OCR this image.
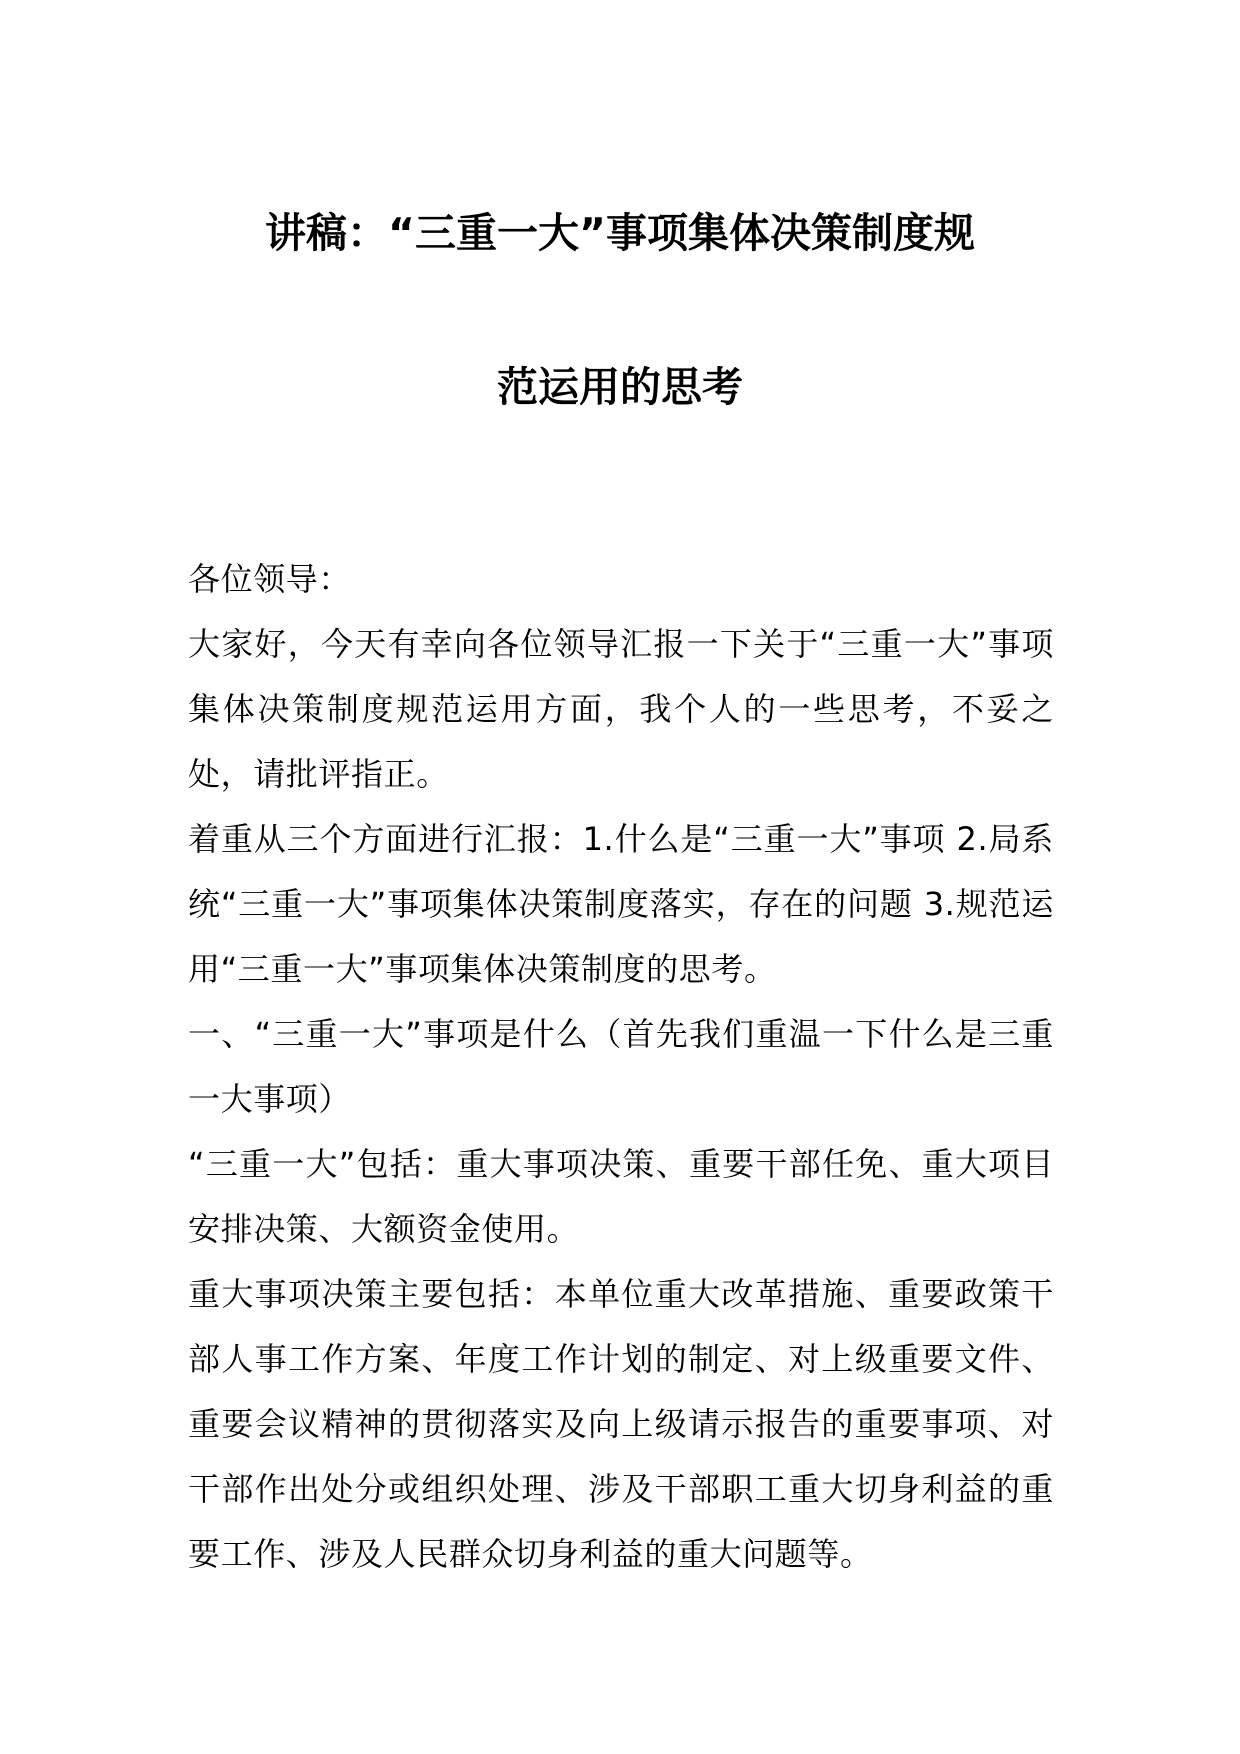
讲稿：“三重一大”事项集体决策制度规
范运用的思考

各位领导：

大家好，今天有幸向各位领导汇报一下关于“三重一大”事项集体决策制度规范运用方面，我个人的一些思考，不妥之处，请批评指正。

着重从三个方面进行汇报：1.什么是“三重一大”事项 2.局系统“三重一大”事项集体决策制度落实，存在的问题 3.规范运用“三重一大”事项集体决策制度的思考。

一、“三重一大”事项是什么（首先我们重温一下什么是三重一大事项）

“三重一大”包括：重大事项决策、重要干部任免、重大项目安排决策、大额资金使用。

重大事项决策主要包括：本单位重大改革措施、重要政策干部人事工作方案、年度工作计划的制定、对上级重要文件、重要会议精神的贯彻落实及向上级请示报告的重要事项、对干部作出处分或组织处理、涉及干部职工重大切身利益的重要工作、涉及人民群众切身利益的重大问题等。
